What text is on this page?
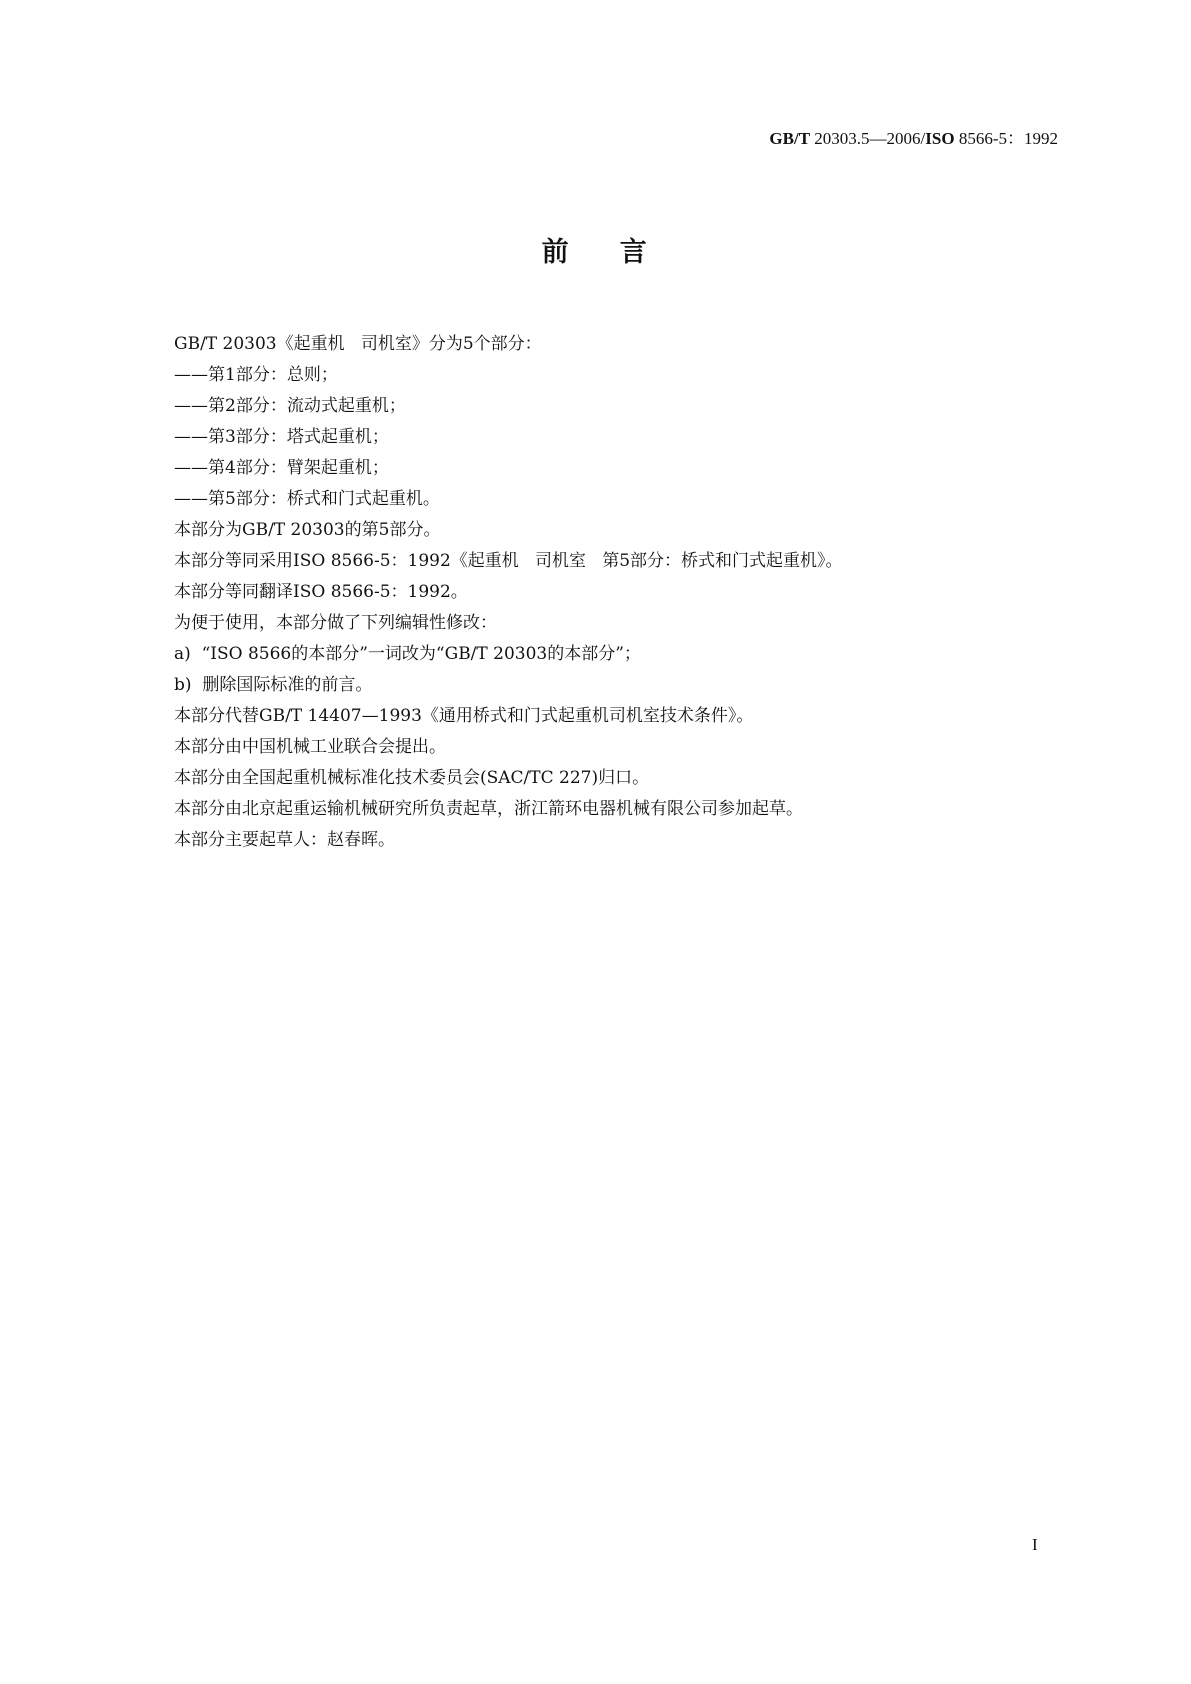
GB/T 20303.5—2006/ISO 8566-5：1992
前    言
GB/T 20303《起重机   司机室》分为5个部分：
——第1部分：总则；
——第2部分：流动式起重机；
——第3部分：塔式起重机；
——第4部分：臂架起重机；
——第5部分：桥式和门式起重机。
本部分为GB/T 20303的第5部分。
本部分等同采用ISO 8566-5：1992《起重机   司机室   第5部分：桥式和门式起重机》。
本部分等同翻译ISO 8566-5：1992。
为便于使用，本部分做了下列编辑性修改：
a)  “ISO 8566的本部分”一词改为“GB/T 20303的本部分”；
b)  删除国际标准的前言。
本部分代替GB/T 14407—1993《通用桥式和门式起重机司机室技术条件》。
本部分由中国机械工业联合会提出。
本部分由全国起重机械标准化技术委员会(SAC/TC 227)归口。
本部分由北京起重运输机械研究所负责起草，浙江箭环电器机械有限公司参加起草。
本部分主要起草人：赵春晖。
I
